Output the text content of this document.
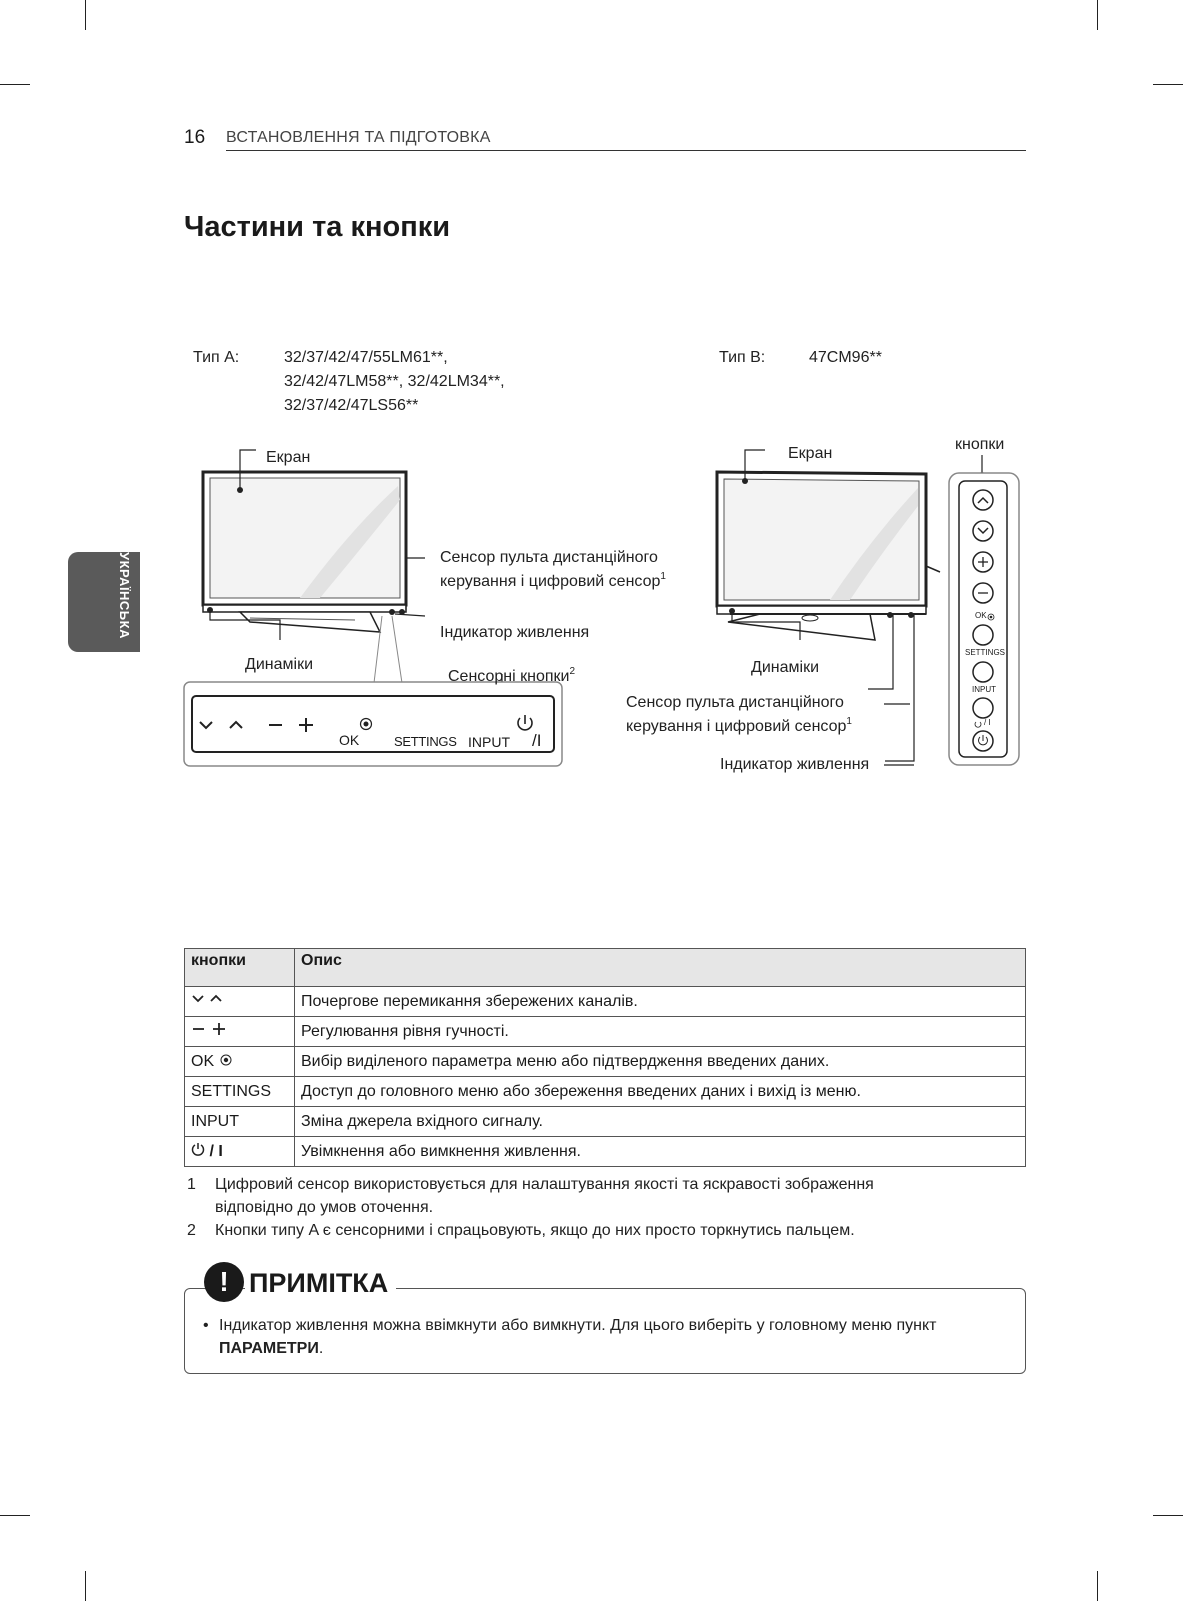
16 ВСТАНОВЛЕННЯ ТА ПІДГОТОВКА
УКРАЇНСЬКА
Частини та кнопки
Тип A:	32/37/42/47/55LM61**,
32/42/47LM58**, 32/42LM34**,
32/37/42/47LS56**
Тип B:	47CM96**
Екран
Сенсор пульта дистанційного
керування і цифровий сенсор$^1$
Індикатор живлення
Динаміки
Сенсорні кнопки$^2$
OK	SETTINGS INPUT /I
OK
SETTINGS
INPUT
/ I
Екран
кнопки
Динаміки
Сенсор пульта дистанційного
керування і цифровий сенсор$^1$
Індикатор живлення
кнопки	Опис
	Почергове перемикання збережених каналів.
	Регулювання рівня гучності.
OK	Вибір виділеного параметра меню або підтвердження введених даних.
SETTINGS	Доступ до головного меню або збереження введених даних і вихід із меню.
INPUT	Зміна джерела вхідного сигналу.
/ I	Увімкнення або вимкнення живлення.
1 Цифровий сенсор використовується для налаштування якості та яскравості зображення
відповідно до умов оточення.
2 Кнопки типу A є сенсорними і спрацьовують, якщо до них просто торкнутись пальцем.
! ПРИМІТКА
• Індикатор живлення можна ввімкнути або вимкнути. Для цього виберіть у головному меню пункт
ПАРАМЕТРИ.
